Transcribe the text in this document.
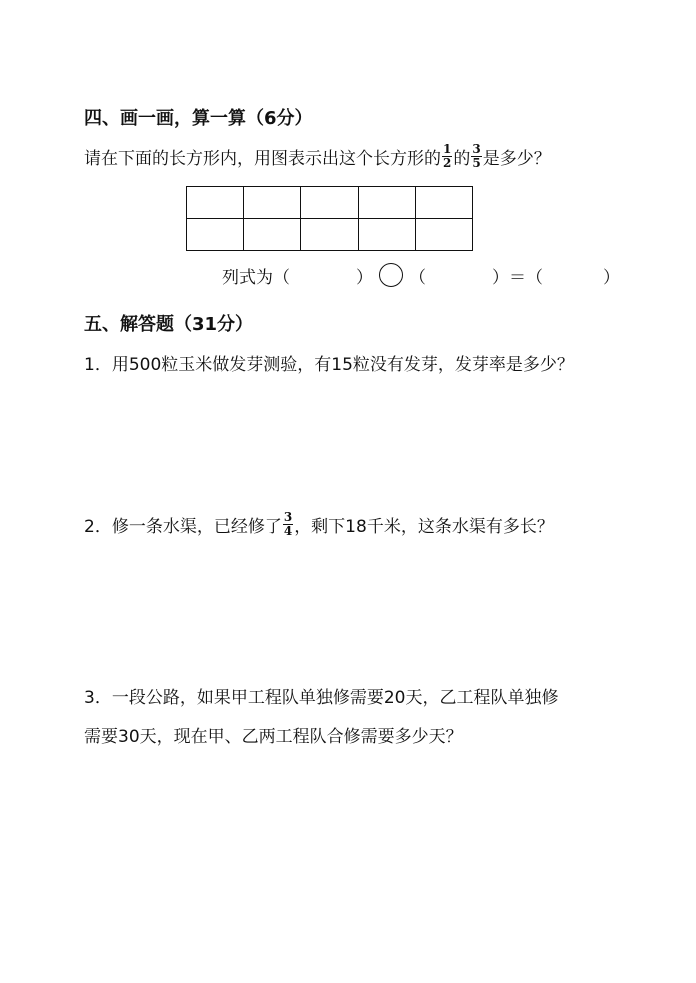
四、画一画，算一算（6分）
请在下面的长方形内，用图表示出这个长方形的 $\frac{1}{2}$ 的 $\frac{3}{5}$ 是多少？

列式为（	） （	）＝（	）
五、解答题（31分）
1．用500粒玉米做发芽测验，有15粒没有发芽，发芽率是多少？
2．修一条水渠，已经修了 $\frac{3}{4}$ ，剩下18千米，这条水渠有多长？
3．一段公路，如果甲工程队单独修需要20天，乙工程队单独修
需要30天，现在甲、乙两工程队合修需要多少天？
